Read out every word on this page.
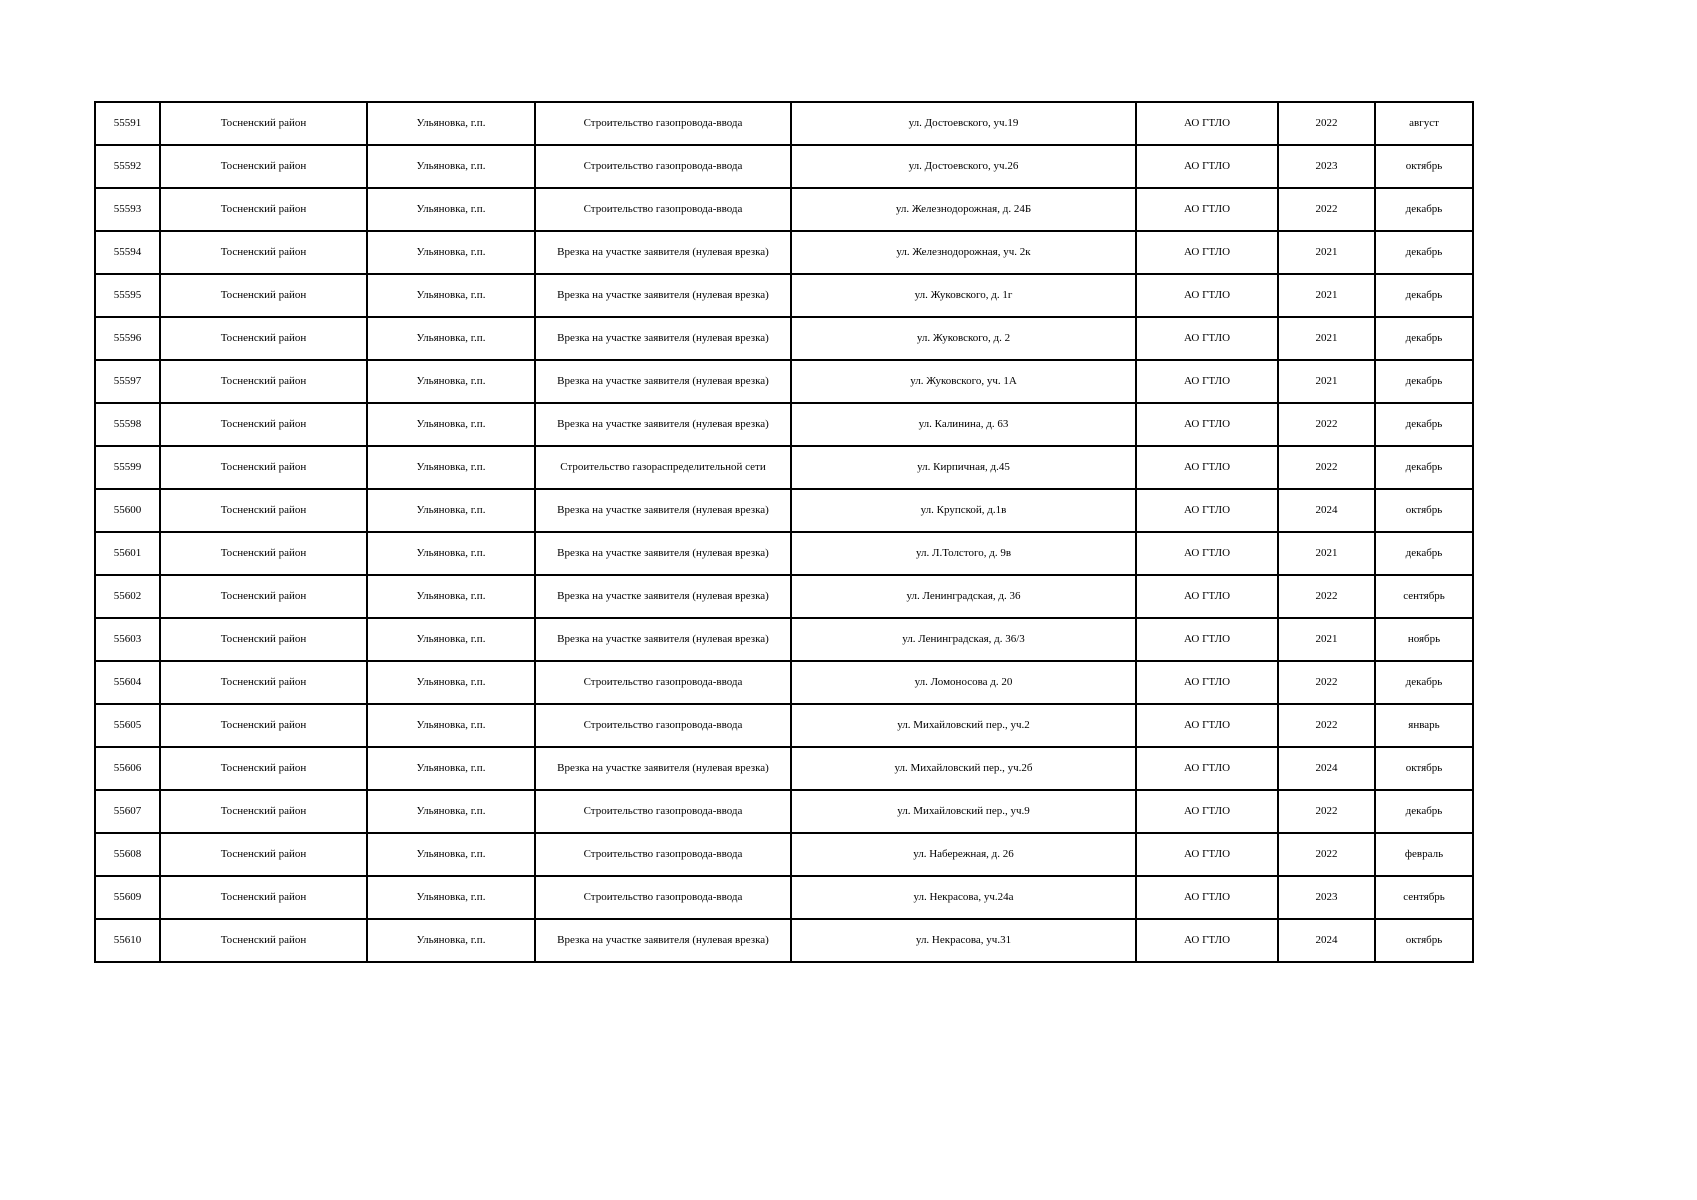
55591	Тосненский район	Ульяновка, г.п.	Строительство газопровода-ввода	ул. Достоевского, уч.19	АО ГТЛО	2022	август
55592	Тосненский район	Ульяновка, г.п.	Строительство газопровода-ввода	ул. Достоевского, уч.26	АО ГТЛО	2023	октябрь
55593	Тосненский район	Ульяновка, г.п.	Строительство газопровода-ввода	ул. Железнодорожная, д. 24Б	АО ГТЛО	2022	декабрь
55594	Тосненский район	Ульяновка, г.п.	Врезка на участке заявителя (нулевая врезка)	ул. Железнодорожная, уч. 2к	АО ГТЛО	2021	декабрь
55595	Тосненский район	Ульяновка, г.п.	Врезка на участке заявителя (нулевая врезка)	ул. Жуковского, д. 1г	АО ГТЛО	2021	декабрь
55596	Тосненский район	Ульяновка, г.п.	Врезка на участке заявителя (нулевая врезка)	ул. Жуковского, д. 2	АО ГТЛО	2021	декабрь
55597	Тосненский район	Ульяновка, г.п.	Врезка на участке заявителя (нулевая врезка)	ул. Жуковского, уч. 1А	АО ГТЛО	2021	декабрь
55598	Тосненский район	Ульяновка, г.п.	Врезка на участке заявителя (нулевая врезка)	ул. Калинина, д. 63	АО ГТЛО	2022	декабрь
55599	Тосненский район	Ульяновка, г.п.	Строительство газораспределительной сети	ул. Кирпичная, д.45	АО ГТЛО	2022	декабрь
55600	Тосненский район	Ульяновка, г.п.	Врезка на участке заявителя (нулевая врезка)	ул. Крупской, д.1в	АО ГТЛО	2024	октябрь
55601	Тосненский район	Ульяновка, г.п.	Врезка на участке заявителя (нулевая врезка)	ул. Л.Толстого, д. 9в	АО ГТЛО	2021	декабрь
55602	Тосненский район	Ульяновка, г.п.	Врезка на участке заявителя (нулевая врезка)	ул. Ленинградская, д. 36	АО ГТЛО	2022	сентябрь
55603	Тосненский район	Ульяновка, г.п.	Врезка на участке заявителя (нулевая врезка)	ул. Ленинградская, д. 36/3	АО ГТЛО	2021	ноябрь
55604	Тосненский район	Ульяновка, г.п.	Строительство газопровода-ввода	ул. Ломоносова д. 20	АО ГТЛО	2022	декабрь
55605	Тосненский район	Ульяновка, г.п.	Строительство газопровода-ввода	ул. Михайловский пер., уч.2	АО ГТЛО	2022	январь
55606	Тосненский район	Ульяновка, г.п.	Врезка на участке заявителя (нулевая врезка)	ул. Михайловский пер., уч.2б	АО ГТЛО	2024	октябрь
55607	Тосненский район	Ульяновка, г.п.	Строительство газопровода-ввода	ул. Михайловский пер., уч.9	АО ГТЛО	2022	декабрь
55608	Тосненский район	Ульяновка, г.п.	Строительство газопровода-ввода	ул. Набережная, д. 26	АО ГТЛО	2022	февраль
55609	Тосненский район	Ульяновка, г.п.	Строительство газопровода-ввода	ул. Некрасова, уч.24а	АО ГТЛО	2023	сентябрь
55610	Тосненский район	Ульяновка, г.п.	Врезка на участке заявителя (нулевая врезка)	ул. Некрасова, уч.31	АО ГТЛО	2024	октябрь
